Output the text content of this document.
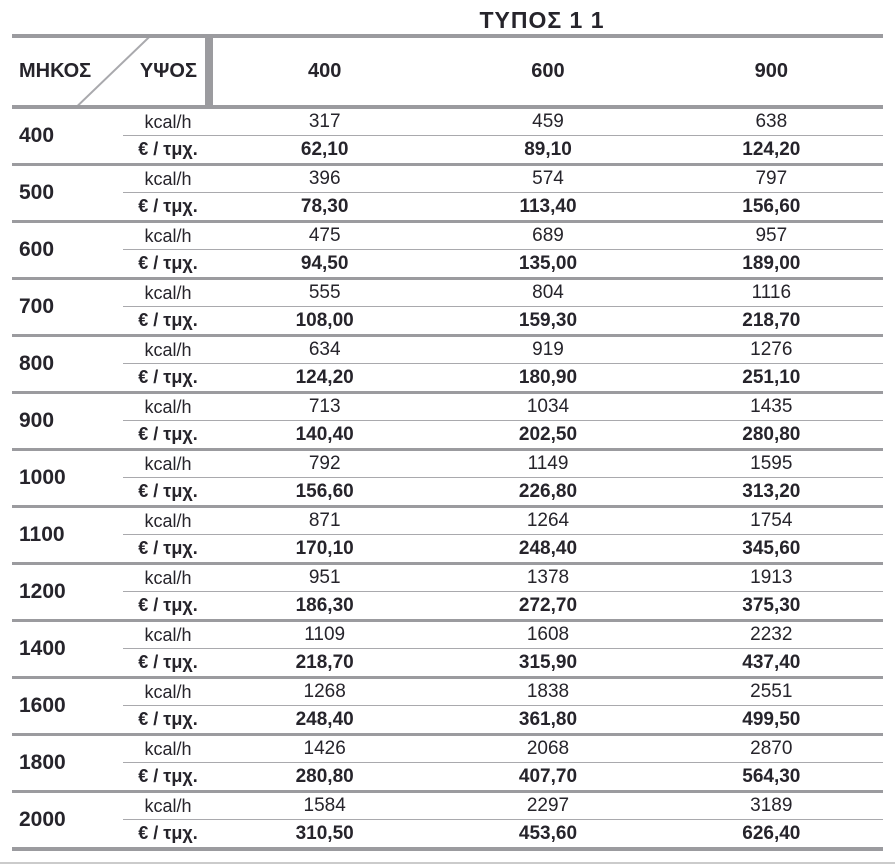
ΤΥΠΟΣ 1 1
ΜΗΚΟΣ ΥΨΟΣ	400	600	900
400
kcal/h	317	459	638
€ / τμχ.	62,10	89,10	124,20
500
kcal/h	396	574	797
€ / τμχ.	78,30	113,40	156,60
600
kcal/h	475	689	957
€ / τμχ.	94,50	135,00	189,00
700
kcal/h	555	804	1116
€ / τμχ.	108,00	159,30	218,70
800
kcal/h	634	919	1276
€ / τμχ.	124,20	180,90	251,10
900
kcal/h	713	1034	1435
€ / τμχ.	140,40	202,50	280,80
1000
kcal/h	792	1149	1595
€ / τμχ.	156,60	226,80	313,20
1100
kcal/h	871	1264	1754
€ / τμχ.	170,10	248,40	345,60
1200
kcal/h	951	1378	1913
€ / τμχ.	186,30	272,70	375,30
1400
kcal/h	1109	1608	2232
€ / τμχ.	218,70	315,90	437,40
1600
kcal/h	1268	1838	2551
€ / τμχ.	248,40	361,80	499,50
1800
kcal/h	1426	2068	2870
€ / τμχ.	280,80	407,70	564,30
2000
kcal/h	1584	2297	3189
€ / τμχ.	310,50	453,60	626,40
